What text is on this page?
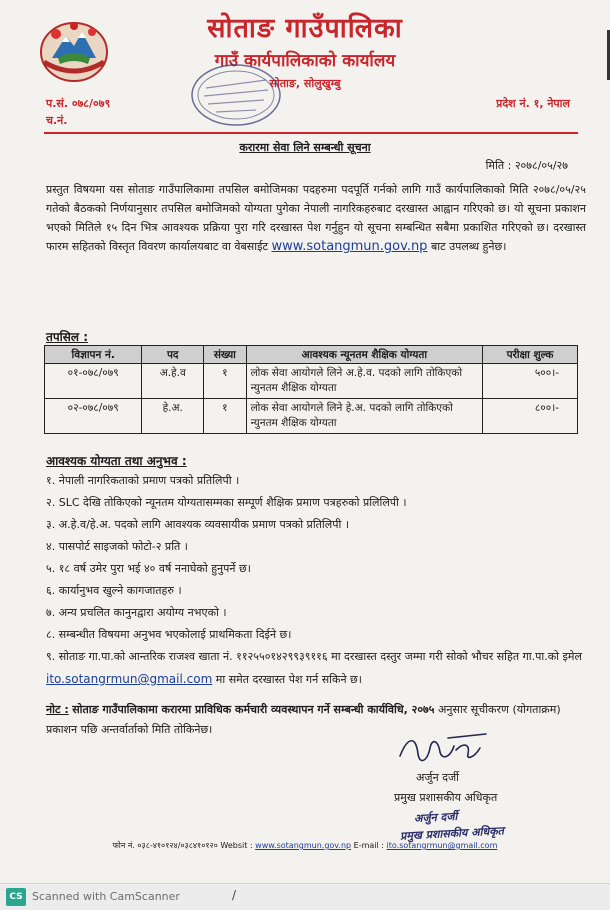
सोताङ गाउँपालिका
गाउँ कार्यपालिकाको कार्यालय
सोताङ, सोलुखुम्बु
प.सं. ०७८/०७९
च.नं.
प्रदेश नं. १, नेपाल
करारमा सेवा लिने सम्बन्धी सूचना
मिति : २०७८/०५/२७
प्रस्तुत विषयमा यस सोताङ गाउँपालिकामा तपसिल बमोजिमका पदहरुमा पदपूर्ति गर्नको लागि गाउँ कार्यपालिकाको मिति २०७८/०५/२५ गतेको बैठकको निर्णयानुसार तपसिल बमोजिमको योग्यता पुगेका नेपाली नागरिकहरुबाट दरखास्त आह्वान गरिएको छ। यो सूचना प्रकाशन भएको मितिले १५ दिन भित्र आवश्यक प्रक्रिया पुरा गरि दरखास्त पेश गर्नुहुन यो सूचना सम्बन्धित सबैमा प्रकाशित गरिएको छ। दरखास्त फारम सहितको विस्तृत विवरण कार्यालयबाट वा वेबसाईट www.sotangmun.gov.np बाट उपलब्ध हुनेछ।
तपसिल :
विज्ञापन नं.	पद	संख्या	आवश्यक न्यूनतम शैक्षिक योग्यता	परीक्षा शुल्क
०१-०७८/०७९	अ.हे.व	१	लोक सेवा आयोगले लिने अ.हे.व. पदको लागि तोकिएको न्युनतम शैक्षिक योग्यता	५००।-
०२-०७८/०७९	हे.अ.	१	लोक सेवा आयोगले लिने हे.अ. पदको लागि तोकिएको न्युनतम शैक्षिक योग्यता	८००।-
आवश्यक योग्यता तथा अनुभव :
१. नेपाली नागरिकताको प्रमाण पत्रको प्रतिलिपी ।
२. SLC देखि तोकिएको न्यूनतम योग्यतासम्मका सम्पूर्ण शैक्षिक प्रमाण पत्रहरुको प्रलिलिपी ।
३. अ.हे.व/हे.अ. पदको लागि आवश्यक व्यवसायीक प्रमाण पत्रको प्रतिलिपी ।
४. पासपोर्ट साइजको फोटो-२ प्रति ।
५. १८ वर्ष उमेर पुरा भई ४० वर्ष ननाघेको हुनुपर्ने छ।
६. कार्यानुभव खुल्ने कागजातहरु ।
७. अन्य प्रचलित कानुनद्वारा अयोग्य नभएको ।
८. सम्बन्धीत विषयमा अनुभव भएकोलाई प्राथमिकता दिईने छ।
९. सोताङ गा.पा.को आन्तरिक राजश्व खाता नं. ११२५५०१४२९९३९११६ मा दरखास्त दस्तुर जम्मा गरी सोको भौचर सहित गा.पा.को इमेल ito.sotangrmun@gmail.com मा समेत दरखास्त पेश गर्न सकिने छ।
नोट : सोताङ गाउँपालिकामा करारमा प्राविधिक कर्मचारी व्यवस्थापन गर्ने सम्बन्धी कार्यविधि, २०७५ अनुसार सूचीकरण (योगताक्रम) प्रकाशन पछि अन्तर्वार्ताको मिति तोकिनेछ।
अर्जुन दर्जी
प्रमुख प्रशासकीय अधिकृत
अर्जुन दर्जी
प्रमुख प्रशासकीय अधिकृत
फोन नं. ०३८-४१०१२४/०३८४१०१२० Websit : www.sotangmun.gov.np E-mail : ito.sotangrmun@gmail.com
CS Scanned with CamScanner	/
